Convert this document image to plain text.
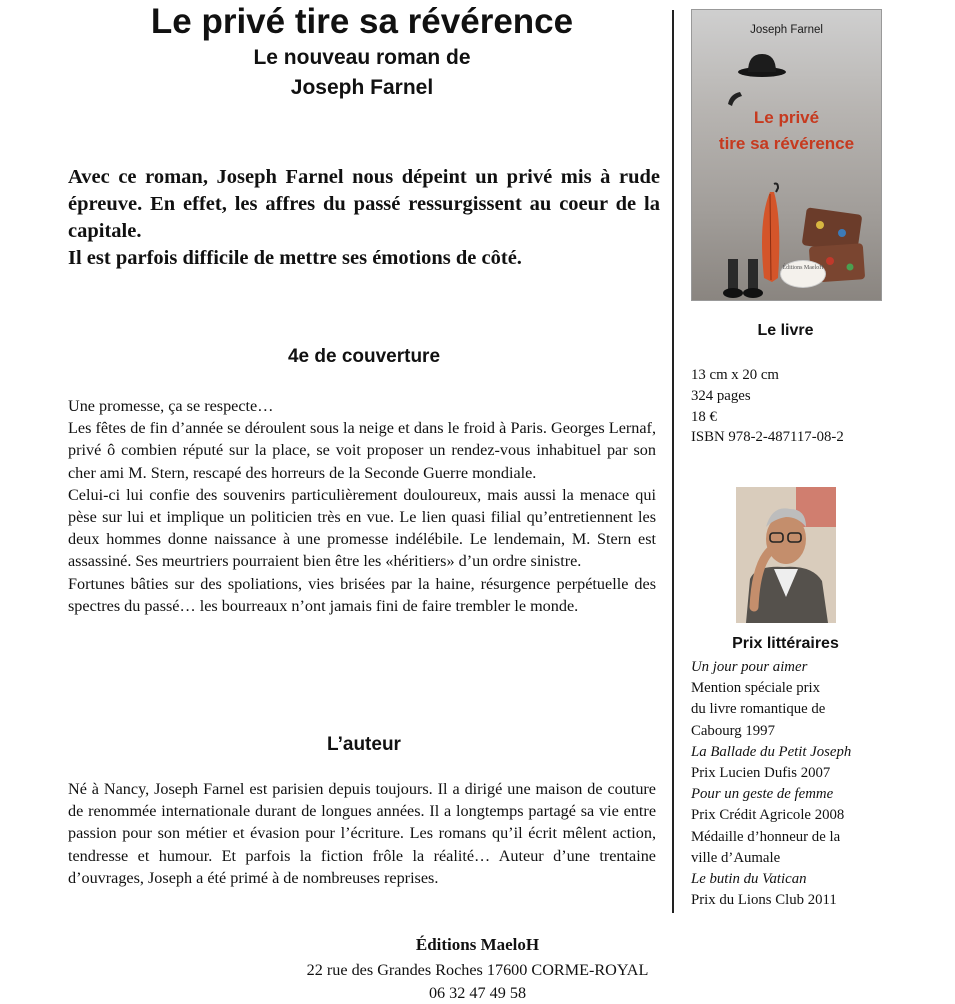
Le privé tire sa révérence
Le nouveau roman de
Joseph Farnel

Avec ce roman, Joseph Farnel nous dépeint un privé mis à rude épreuve. En effet, les affres du passé ressurgissent au coeur de la capitale.

Il est parfois difficile de mettre ses émotions de côté.

4e de couverture

Une promesse, ça se respecte…

Les fêtes de fin d’année se déroulent sous la neige et dans le froid à Paris. Georges Lernaf, privé ô combien réputé sur la place, se voit proposer un rendez-vous inhabituel par son cher ami M. Stern, rescapé des horreurs de la Seconde Guerre mondiale.

Celui-ci lui confie des souvenirs particulièrement douloureux, mais aussi la menace qui pèse sur lui et implique un politicien très en vue. Le lien quasi filial qu’entretiennent les deux hommes donne naissance à une promesse indélébile. Le lendemain, M. Stern est assassiné. Ses meurtriers pourraient bien être les «héritiers» d’un ordre sinistre.

Fortunes bâties sur des spoliations, vies brisées par la haine, résurgence perpétuelle des spectres du passé… les bourreaux n’ont jamais fini de faire trembler le monde.

L’auteur

Né à Nancy, Joseph Farnel est parisien depuis toujours. Il a dirigé une maison de couture de renommée internationale durant de longues années. Il a longtemps partagé sa vie entre passion pour son métier et évasion pour l’écriture. Les romans qu’il écrit mêlent action, tendresse et humour. Et parfois la fiction frôle la réalité… Auteur d’une trentaine d’ouvrages, Joseph a été primé à de nombreuses reprises.

Joseph Farnel
Le privé
tire sa révérence
Éditions MaeloH
Le livre
13 cm x 20 cm
324 pages
18 €
ISBN 978-2-487117-08-2
Prix littéraires
Un jour pour aimer
Mention spéciale prix
du livre romantique de
Cabourg 1997
La Ballade du Petit Joseph
Prix Lucien Dufis 2007
Pour un geste de femme
Prix Crédit Agricole 2008
Médaille d’honneur de la
ville d’Aumale
Le butin du Vatican
Prix du Lions Club 2011
Éditions MaeloH
22 rue des Grandes Roches 17600 CORME-ROYAL
06 32 47 49 58
